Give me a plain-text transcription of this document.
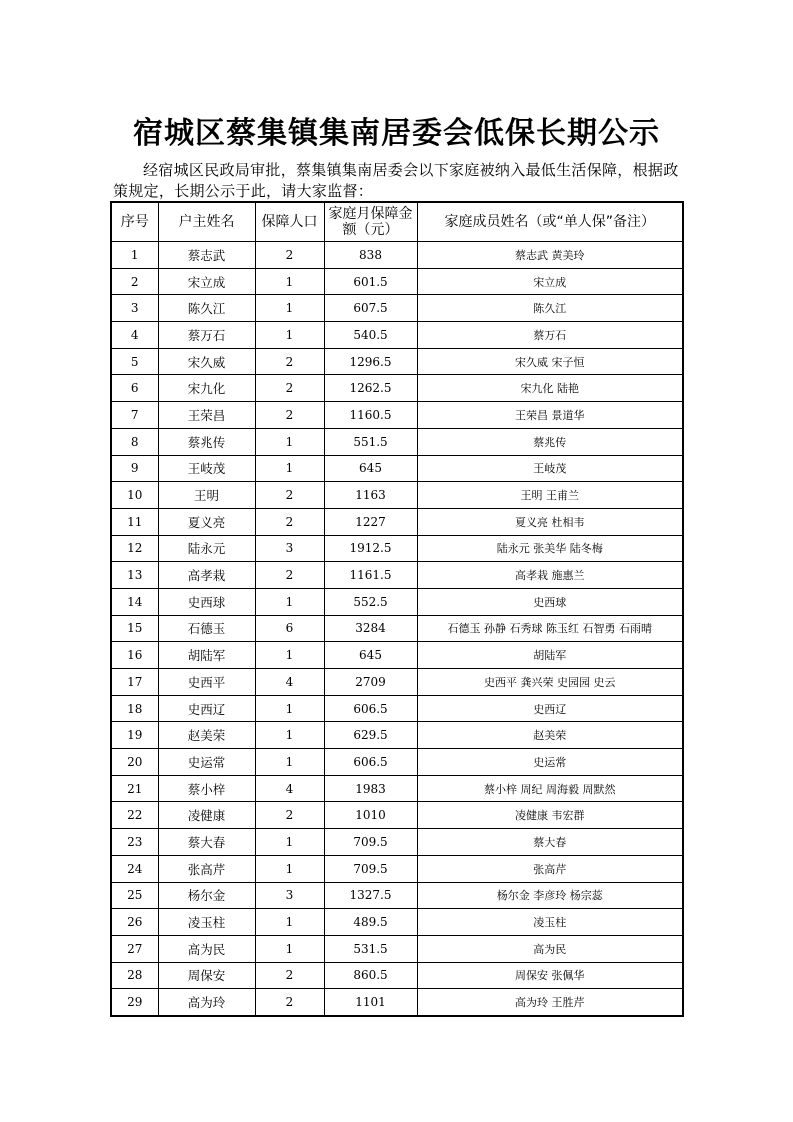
宿城区蔡集镇集南居委会低保长期公示
经宿城区民政局审批，蔡集镇集南居委会以下家庭被纳入最低生活保障，根据政策规定，长期公示于此，请大家监督：
序号	户主姓名	保障人口	家庭月保障金额（元）	家庭成员姓名（或“单人保”备注）
1	蔡志武	2	838	蔡志武 黄美玲
2	宋立成	1	601.5	宋立成
3	陈久江	1	607.5	陈久江
4	蔡万石	1	540.5	蔡万石
5	宋久威	2	1296.5	宋久威 宋子恒
6	宋九化	2	1262.5	宋九化 陆艳
7	王荣昌	2	1160.5	王荣昌 景道华
8	蔡兆传	1	551.5	蔡兆传
9	王岐茂	1	645	王岐茂
10	王明	2	1163	王明 王甫兰
11	夏义亮	2	1227	夏义亮 杜相韦
12	陆永元	3	1912.5	陆永元 张美华 陆冬梅
13	高孝栽	2	1161.5	高孝栽 施惠兰
14	史西球	1	552.5	史西球
15	石德玉	6	3284	石德玉 孙静 石秀球 陈玉红 石智勇 石雨晴
16	胡陆军	1	645	胡陆军
17	史西平	4	2709	史西平 龚兴荣 史园园 史云
18	史西辽	1	606.5	史西辽
19	赵美荣	1	629.5	赵美荣
20	史运常	1	606.5	史运常
21	蔡小梓	4	1983	蔡小梓 周纪 周海毅 周默然
22	凌健康	2	1010	凌健康 韦宏群
23	蔡大春	1	709.5	蔡大春
24	张高芹	1	709.5	张高芹
25	杨尔金	3	1327.5	杨尔金 李彦玲 杨宗蕊
26	凌玉柱	1	489.5	凌玉柱
27	高为民	1	531.5	高为民
28	周保安	2	860.5	周保安 张佩华
29	高为玲	2	1101	高为玲 王胜芹
